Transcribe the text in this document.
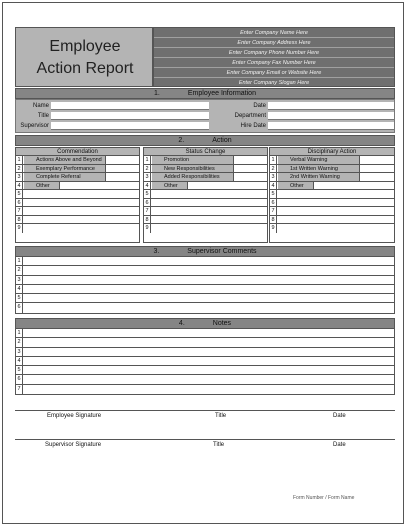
Employee
Action Report
Enter Company Name Here
Enter Company Address Here
Enter Company Phone Number Here
Enter Company Fax Number Here
Enter Company Email or Website Here
Enter Company Slogan Here
1.	Employee Information
Name
Title
Supervisor
Date
Department
Hire Date
2.	Action
Commendation
1	Actions Above and Beyond
2	Exemplary Performance
3	Complete Referral
4	Other
5
6
7
8
9
Status Change
1	Promotion
2	New Responsibilities
3	Added Responsibilities
4	Other
5
6
7
8
9
Disciplinary Action
1	Verbal Warning
2	1st Written Warning
3	2nd Written Warning
4	Other
5
6
7
8
9
3.	Supervisor Comments
1
2
3
4
5
6
4.	Notes
1
2
3
4
5
6
7
Employee Signature	Title	Date
Supervisor Signature	Title	Date
Form Number / Form Name
